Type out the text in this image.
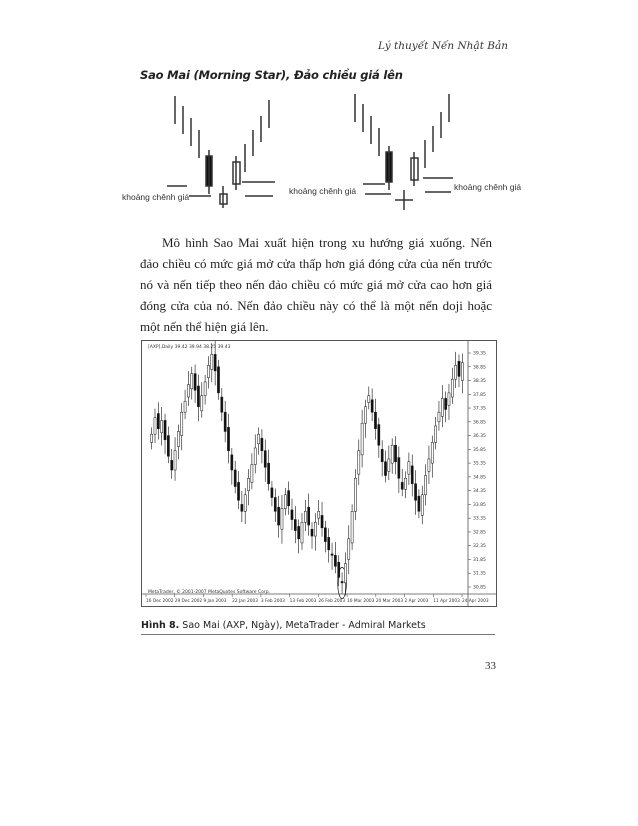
Lý thuyết Nến Nhật Bản
Sao Mai (Morning Star), Đảo chiều giá lên
khoảng chênh giá
khoảng chênh giá	khoảng chênh giá

Mô hình Sao Mai xuất hiện trong xu hướng giá xuống. Nến đảo chiều có mức giá mở cửa thấp hơn giá đóng cửa của nến trước nó và nến tiếp theo nến đảo chiều có mức giá mở cửa cao hơn giá đóng cửa của nó. Nến đảo chiều này có thể là một nến doji hoặc một nến thể hiện giá lên.

39.35
38.85
38.35
37.85
37.35
36.85
36.35
35.85
35.35
34.85
34.35
33.85
33.35
32.85
32.35
31.85
31.35
30.85
16 Dec 2002 29 Dec 2002 9 Jan 2003 22 Jan 2003 3 Feb 2003 13 Feb 2003 26 Feb 2003 10 Mar 2003 20 Mar 2003 2 Apr 2003 11 Apr 2003 24 Apr 2003
[AXP],Daily 39.42 39.94 38.25 39.43
MetaTrader, © 2001-2007 MetaQuotes Software Corp.
Hình 8. Sao Mai (AXP, Ngày), MetaTrader - Admiral Markets
33
